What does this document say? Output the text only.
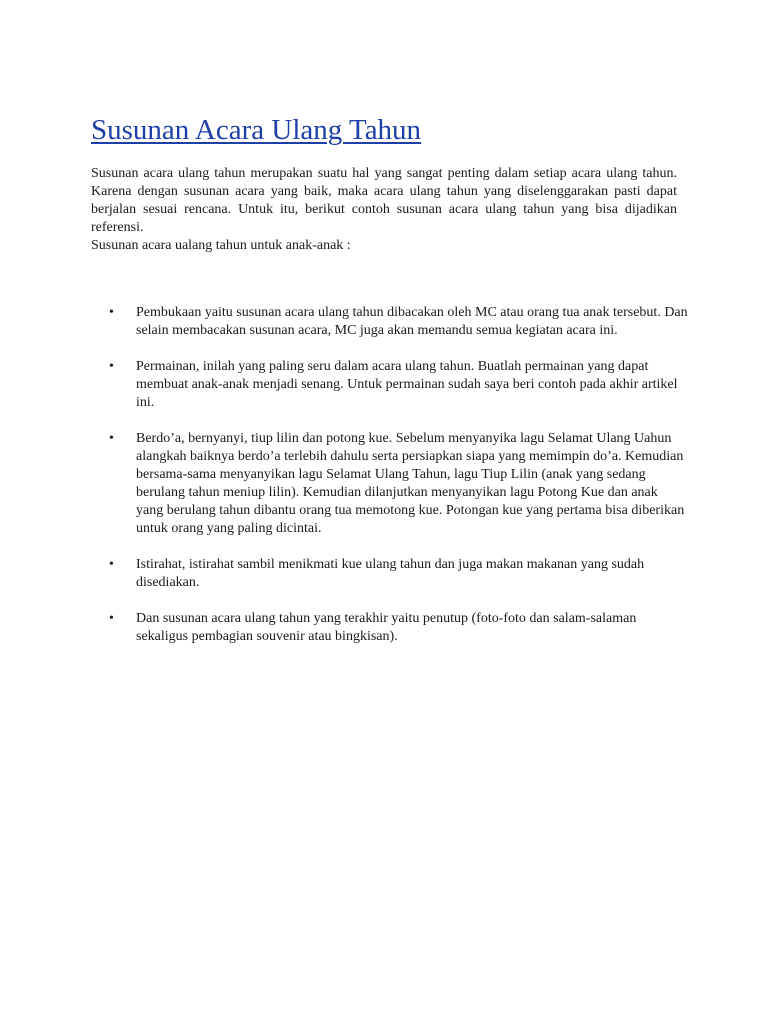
Susunan Acara Ulang Tahun

Susunan acara ulang tahun merupakan suatu hal yang sangat penting dalam setiap acara ulang tahun. Karena dengan susunan acara yang baik, maka acara ulang tahun yang diselenggarakan pasti dapat berjalan sesuai rencana. Untuk itu, berikut contoh susunan acara ulang tahun yang bisa dijadikan referensi.

Susunan acara ualang tahun untuk anak-anak :

• Pembukaan yaitu susunan acara ulang tahun dibacakan oleh MC atau orang tua anak tersebut. Dan selain membacakan susunan acara, MC juga akan memandu semua kegiatan acara ini.
• Permainan, inilah yang paling seru dalam acara ulang tahun. Buatlah permainan yang dapat membuat anak-anak menjadi senang. Untuk permainan sudah saya beri contoh pada akhir artikel ini.
• Berdo’a, bernyanyi, tiup lilin dan potong kue. Sebelum menyanyika lagu Selamat Ulang Uahun alangkah baiknya berdo’a terlebih dahulu serta persiapkan siapa yang memimpin do’a. Kemudian bersama-sama menyanyikan lagu Selamat Ulang Tahun, lagu Tiup Lilin (anak yang sedang berulang tahun meniup lilin). Kemudian dilanjutkan menyanyikan lagu Potong Kue dan anak yang berulang tahun dibantu orang tua memotong kue. Potongan kue yang pertama bisa diberikan untuk orang yang paling dicintai.
• Istirahat, istirahat sambil menikmati kue ulang tahun dan juga makan makanan yang sudah disediakan.
• Dan susunan acara ulang tahun yang terakhir yaitu penutup (foto-foto dan salam-salaman sekaligus pembagian souvenir atau bingkisan).
